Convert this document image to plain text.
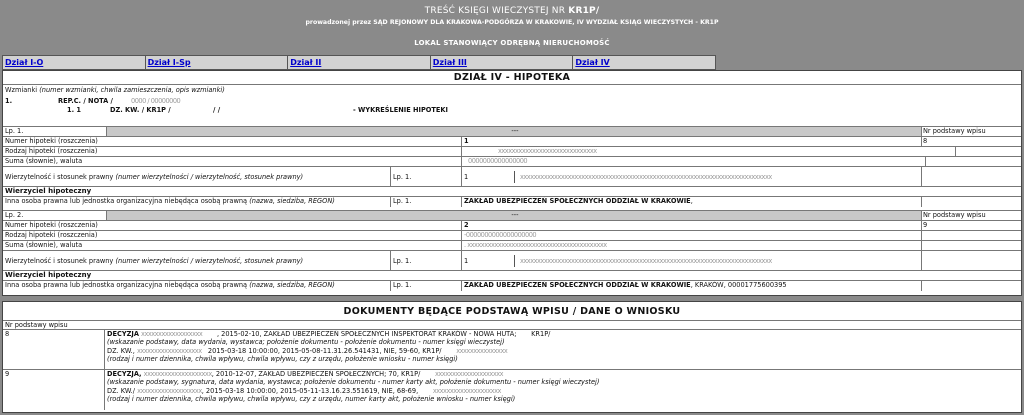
TREŚĆ KSIĘGI WIECZYSTEJ NR KR1P/
prowadzonej przez SĄD REJONOWY DLA KRAKOWA-PODGÓRZA W KRAKOWIE, IV WYDZIAŁ KSIĄG WIECZYSTYCH - KR1P
LOKAL STANOWIĄCY ODRĘBNĄ NIERUCHOMOŚĆ
Dział I-O	Dział I-Sp	Dział II	Dział III	Dział IV
DZIAŁ IV - HIPOTEKA
Wzmianki (numer wzmianki, chwila zamieszczenia, opis wzmianki)
1.	REP.C. / NOTA /	0000 / 00000000
1. 1	DZ. KW. / KR1P /	/ /	- WYKREŚLENIE HIPOTEKI
Lp. 1.	---	Nr podstawy wpisu
Numer hipoteki (roszczenia)	1	8
Rodzaj hipoteki (roszczenia)	xxxxxxxxxxxxxxxxxxxxxxxxxxxxx
Suma (słownie), waluta	0000000000000000
Wierzytelność i stosunek prawny (numer wierzytelności / wierzytelność, stosunek prawny)	Lp. 1.	1	xxxxxxxxxxxxxxxxxxxxxxxxxxxxxxxxxxxxxxxxxxxxxxxxxxxxxxxxxxxxxxxxxxxxxxxxxx
Wierzyciel hipoteczny
Inna osoba prawna lub jednostka organizacyjna niebędąca osobą prawną (nazwa, siedziba, REGON)	Lp. 1.	ZAKŁAD UBEZPIECZEŃ SPOŁECZNYCH ODDZIAŁ W KRAKOWIE,
Lp. 2.	---	Nr podstawy wpisu
Numer hipoteki (roszczenia)	2	9
Rodzaj hipoteki (roszczenia)	-0000000000000000000
Suma (słownie), waluta	. xxxxxxxxxxxxxxxxxxxxxxxxxxxxxxxxxxxxxxxxx
Wierzytelność i stosunek prawny (numer wierzytelności / wierzytelność, stosunek prawny)	Lp. 1.	1	xxxxxxxxxxxxxxxxxxxxxxxxxxxxxxxxxxxxxxxxxxxxxxxxxxxxxxxxxxxxxxxxxxxxxxxxxx
Wierzyciel hipoteczny
Inna osoba prawna lub jednostka organizacyjna niebędąca osobą prawną (nazwa, siedziba, REGON)	Lp. 1.	ZAKŁAD UBEZPIECZEŃ SPOŁECZNYCH ODDZIAŁ W KRAKOWIE, KRAKÓW, 00001775600395
DOKUMENTY BĘDĄCE PODSTAWĄ WPISU / DANE O WNIOSKU
Nr podstawy wpisu
8	DECYZJA xxxxxxxxxxxxxxxxxx , 2015-02-10, ZAKŁAD UBEZPIECZEŃ SPOŁECZNYCH INSPEKTORAT KRAKÓW - NOWA HUTA; KR1P/
(wskazanie podstawy, data wydania, wystawca; położenie dokumentu - położenie dokumentu - numer księgi wieczystej)
DZ. KW., xxxxxxxxxxxxxxxxxxx 2015-03-18 10:00:00, 2015-05-08-11.31.26.541431, NIE, 59-60, KR1P/ xxxxxxxxxxxxxxx
(rodzaj i numer dziennika, chwila wpływu, chwila wpływu, czy z urzędu, położenie wniosku - numer księgi)
9	DECYZJA, xxxxxxxxxxxxxxxxxxxx, 2010-12-07, ZAKŁAD UBEZPIECZEŃ SPOŁECZNYCH; 70, KR1P/ xxxxxxxxxxxxxxxxxxxx
(wskazanie podstawy, sygnatura, data wydania, wystawca; położenie dokumentu - numer karty akt, położenie dokumentu - numer księgi wieczystej)
DZ. KW./ xxxxxxxxxxxxxxxxxxx, 2015-03-18 10:00:00, 2015-05-11-13.16.23.551619, NIE, 68-69, xxxxxxxxxxxxxxxxxxxx
(rodzaj i numer dziennika, chwila wpływu, chwila wpływu, czy z urzędu, numer karty akt, położenie wniosku - numer księgi)
